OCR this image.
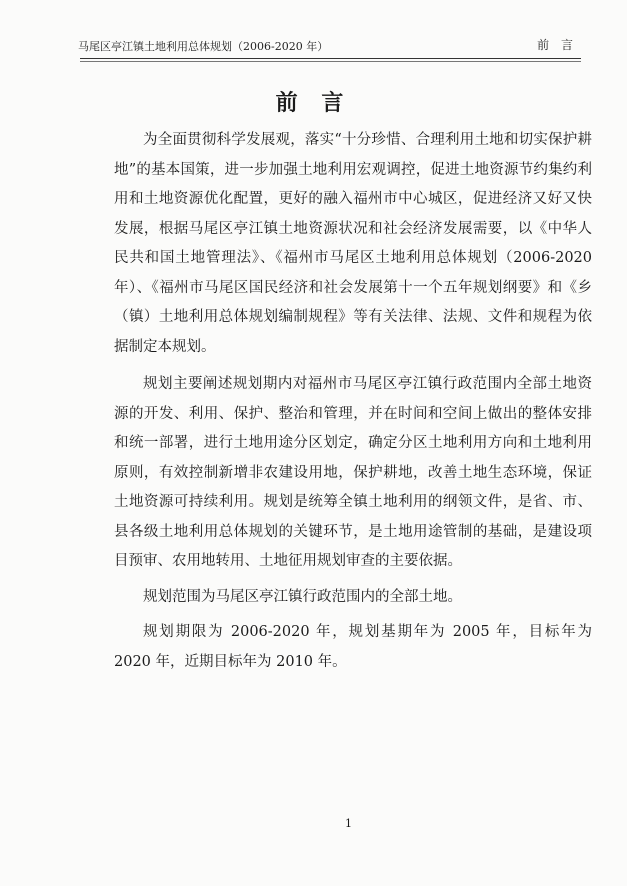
马尾区亭江镇土地利用总体规划（2006-2020 年）	前 言
前 言

为全面贯彻科学发展观，落实“十分珍惜、合理利用土地和切实保护耕地”的基本国策，进一步加强土地利用宏观调控，促进土地资源节约集约利用和土地资源优化配置，更好的融入福州市中心城区，促进经济又好又快发展，根据马尾区亭江镇土地资源状况和社会经济发展需要，以《中华人民共和国土地管理法》、《福州市马尾区土地利用总体规划（2006-2020年）、《福州市马尾区国民经济和社会发展第十一个五年规划纲要》和《乡（镇）土地利用总体规划编制规程》等有关法律、法规、文件和规程为依据制定本规划。

规划主要阐述规划期内对福州市马尾区亭江镇行政范围内全部土地资源的开发、利用、保护、整治和管理，并在时间和空间上做出的整体安排和统一部署，进行土地用途分区划定，确定分区土地利用方向和土地利用原则，有效控制新增非农建设用地，保护耕地，改善土地生态环境，保证土地资源可持续利用。规划是统筹全镇土地利用的纲领文件，是省、市、县各级土地利用总体规划的关键环节，是土地用途管制的基础，是建设项目预审、农用地转用、土地征用规划审查的主要依据。

规划范围为马尾区亭江镇行政范围内的全部土地。

规划期限为 2006-2020 年，规划基期年为 2005 年，目标年为 2020 年，近期目标年为 2010 年。

1
